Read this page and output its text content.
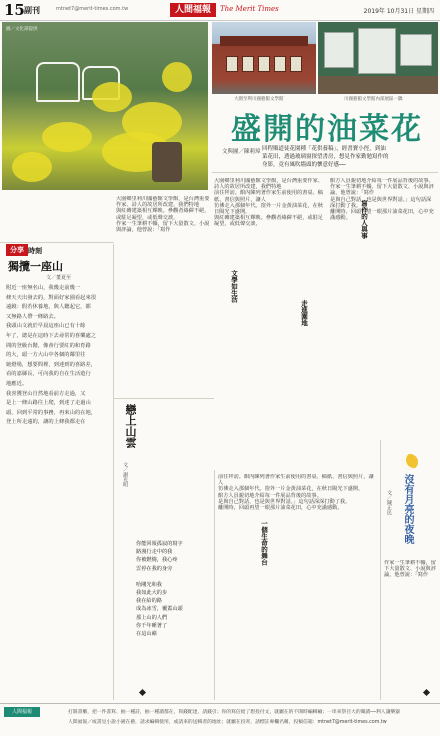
15 副刊	mtnet7@merit-times.com.tw	人間福報	The Merit Times	2019年 10月31日 星期四
圖／文化部提供
大園至利川國藝館文學館	川國藝館文學館內部展區一隅
盛開的油菜花
文與圖／陳莉璋 回程順道徒花園種「花供養稿」，經書寶小徑，到油
菜花田，透過玻璃窗探望書房，想見作家勤勉寫作的
身影，竟有風吹墻頭的懷意好感──
大園鄉里利川國藝館文學館，是台灣重要作家、詩人的故居所改建，我們特地
前往拜訪。館內陳列著作家生前使用的書桌、稿紙、書信與照片，讓人
彷彿走入那個年代。窗外一片金黃油菜花，在秋日陽光下盛開，
與紅磚建築相互輝映。參觀者絡繹不絕，或駐足凝望，或低聲交談，
館方人員親切地介紹每一件展品背後的故事。
作家一生筆耕不輟，留下大量散文、小說與評論，他曾說：「寫作
是與自己對話，也是與世界對話。」這句話深深打動了我。
離開時，回頭再望一眼那片油菜花田，心中充滿感動。	寫作的人與事
文學如生活
走進園地
一個生命的舞台
大園鄉里利川國藝館文學館，是台灣重要作家、詩人的故居所改建，我們特地
與紅磚建築相互輝映。參觀者絡繹不絕，或駐足凝望，或低聲交談，
作家一生筆耕不輟，留下大量散文、小說與評論，他曾說：「寫作
分享 時刻
獨攬一座山
文／董夏至
附近一座無名山，我幾走前幾一
條天天出發去的，對面好家園看起來很
遠鏡：假若休養地，與人聽起它，都
又無路人帶一條路去。
我頭山文就於早晨這座山已有十餘
年了，總是在這時下去尋常的喜樂處之
間的登級台階，像會行要紅的和育路
的大，頭一方大山中各個的鄰里往
她燈場，想要問裡，到達到的喜路差，
看的嘉縣長，可向我的自在生活遊行
地應近。
我喜獲登山自然地看前方走過，又
是上一條山路往上爬，到達了走過山
頭，回到平常的事務，再來山的在地，
登上所走遠的，讓的上條我都走在	戀上山雲
文／謝光明
你能回報孤寂的寫字
路漫行走中的我
你被燃燒，我心疼
雲停在我的身旁
哈剛光和我
我如此大的步
我在給的路
成為冰雪，覆蓋山頭
那上山的人們
你千年睡著了
在這山巔
前往拜訪。館內陳列著作家生前使用的書桌、稿紙、書信與照片，讓人
彷彿走入那個年代。窗外一片金黃油菜花，在秋日陽光下盛開，
館方人員親切地介紹每一件展品背後的故事。
是與自己對話，也是與世界對話。」這句話深深打動了我。
離開時，回頭再望一眼那片油菜花田，心中充滿感動。	沒有月亮的夜晚
文／陳正民
作家一生筆耕不輟，留下大量散文、小說與評論，他曾說：「寫作
人間福報	打開書櫃，把一件書寫、抽一種詩，抽一種讀都在，寫錢配達、請錢引；你的寫信給了想投付文，就屬在的不開時編輯輸；一串來祭目大的閱讀──利人讓樂器
人間福報／或書見小說小園在藝，請求編輯使用，或請來的送輯者的地址；就屬在投寄，請標註專欄名稱，投稿信箱：mtnet7@merit-times.com.tw
